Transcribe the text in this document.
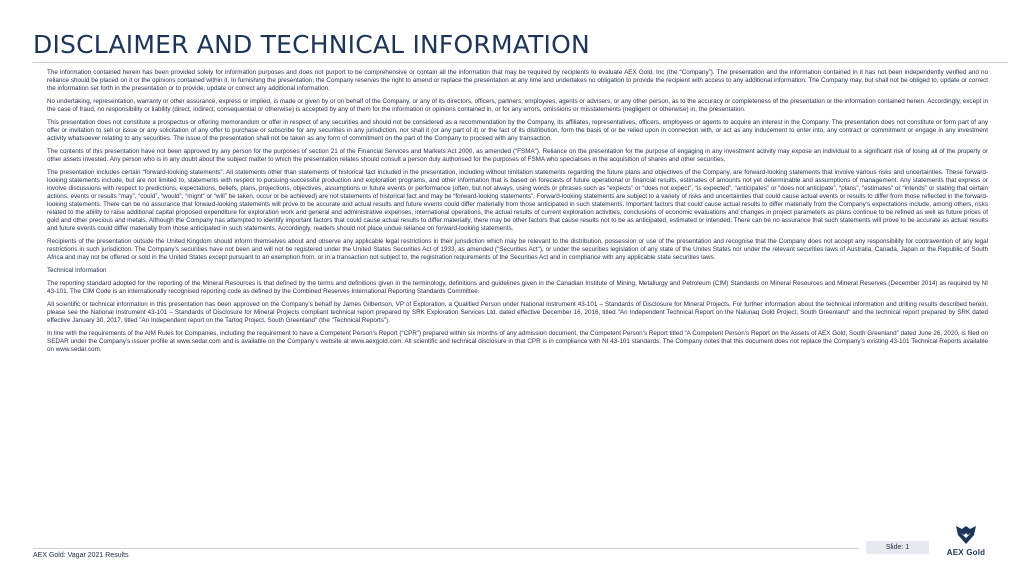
DISCLAIMER AND TECHNICAL INFORMATION

The information contained herein has been provided solely for information purposes and does not purport to be comprehensive or contain all the information that may be required by recipients to evaluate AEX Gold, Inc (the “Company”). The presentation and the information contained in it has not been independently verified and no reliance should be placed on it or the opinions contained within it. In furnishing the presentation, the Company reserves the right to amend or replace the presentation at any time and undertakes no obligation to provide the recipient with access to any additional information. The Company may, but shall not be obliged to, update or correct the information set forth in the presentation or to provide, update or correct any additional information.

No undertaking, representation, warranty or other assurance, express or implied, is made or given by or on behalf of the Company, or any of its directors, officers, partners, employees, agents or advisers, or any other person, as to the accuracy or completeness of the presentation or the information contained herein. Accordingly, except in the case of fraud, no responsibility or liability (direct, indirect, consequential or otherwise) is accepted by any of them for the information or opinions contained in, or for any errors, omissions or misstatements (negligent or otherwise) in, the presentation.

This presentation does not constitute a prospectus or offering memorandum or offer in respect of any securities and should not be considered as a recommendation by the Company, its affiliates, representatives, officers, employees or agents to acquire an interest in the Company. The presentation does not constitute or form part of any offer or invitation to sell or issue or any solicitation of any offer to purchase or subscribe for any securities in any jurisdiction, nor shall it (or any part of it) or the fact of its distribution, form the basis of or be relied upon in connection with, or act as any inducement to enter into, any contract or commitment or engage in any investment activity whatsoever relating to any securities. The issue of the presentation shall not be taken as any form of commitment on the part of the Company to proceed with any transaction.

The contents of this presentation have not been approved by any person for the purposes of section 21 of the Financial Services and Markets Act 2000, as amended (“FSMA”). Reliance on the presentation for the purpose of engaging in any investment activity may expose an individual to a significant risk of losing all of the property or other assets invested. Any person who is in any doubt about the subject matter to which the presentation relates should consult a person duly authorised for the purposes of FSMA who specialises in the acquisition of shares and other securities.

The presentation includes certain “forward-looking statements”. All statements other than statements of historical fact included in the presentation, including without limitation statements regarding the future plans and objectives of the Company, are forward-looking statements that involve various risks and uncertainties. These forward-looking statements include, but are not limited to, statements with respect to pursuing successful production and exploration programs, and other information that is based on forecasts of future operational or financial results, estimates of amounts not yet determinable and assumptions of management. Any statements that express or involve discussions with respect to predictions, expectations, beliefs, plans, projections, objectives, assumptions or future events or performance (often, but not always, using words or phrases such as “expects” or “does not expect”, “is expected”, “anticipates” or “does not anticipate”, “plans”, “estimates” or “intends” or stating that certain actions, events or results “may”, “could”, “would”, “might” or “will” be taken, occur or be achieved) are not statements of historical fact and may be “forward-looking statements”. Forward-looking statements are subject to a variety of risks and uncertainties that could cause actual events or results to differ from those reflected in the forward-looking statements. There can be no assurance that forward-looking statements will prove to be accurate and actual results and future events could differ materially from those anticipated in such statements. Important factors that could cause actual results to differ materially from the Company’s expectations include, among others, risks related to the ability to raise additional capital proposed expenditure for exploration work and general and administrative expenses, international operations, the actual results of current exploration activities, conclusions of economic evaluations and changes in project parameters as plans continue to be refined as well as future prices of gold and other precious and metals. Although the Company has attempted to identify important factors that could cause actual results to differ materially, there may be other factors that cause results not to be as anticipated, estimated or intended. There can be no assurance that such statements will prove to be accurate as actual results and future events could differ materially from those anticipated in such statements. Accordingly, readers should not place undue reliance on forward-looking statements.

Recipients of the presentation outside the United Kingdom should inform themselves about and observe any applicable legal restrictions in their jurisdiction which may be relevant to the distribution, possession or use of the presentation and recognise that the Company does not accept any responsibility for contravention of any legal restrictions in such jurisdiction. The Company’s securities have not been and will not be registered under the United States Securities Act of 1933, as amended ("Securities Act"), or under the securities legislation of any state of the Unites States nor under the relevant securities laws of Australia, Canada, Japan or the Republic of South Africa and may not be offered or sold in the United States except pursuant to an exemption from, or in a transaction not subject to, the registration requirements of the Securities Act and in compliance with any applicable state securities laws.

Technical Information

The reporting standard adopted for the reporting of the Mineral Resources is that defined by the terms and definitions given in the terminology, definitions and guidelines given in the Canadian Institute of Mining, Metallurgy and Petroleum (CIM) Standards on Mineral Resources and Mineral Reserves (December 2014) as required by NI 43-101. The CIM Code is an internationally recognised reporting code as defined by the Combined Reserves International Reporting Standards Committee.

All scientific or technical information in this presentation has been approved on the Company’s behalf by James Gilbertson, VP of Exploration, a Qualified Person under National Instrument 43-101 – Standards of Disclosure for Mineral Projects. For further information about the technical information and drilling results described herein, please see the National Instrument 43-101 – Standards of Disclosure for Mineral Projects compliant technical report prepared by SRK Exploration Services Ltd. dated effective December 16, 2016, titled "An Independent Technical Report on the Nalunaq Gold Project, South Greenland" and the technical report prepared by SRK dated effective January 30, 2017, titled "An Independent report on the Tartoq Project, South Greenland" (the "Technical Reports").

In line with the requirements of the AIM Rules for Companies, including the requirement to have a Competent Person’s Report (“CPR”) prepared within six months of any admission document, the Competent Person’s Report titled “A Competent Person’s Report on the Assets of AEX Gold, South Greenland” dated June 26, 2020, is filed on SEDAR under the Company’s issuer profile at www.sedar.com and is available on the Company’s website at www.aexgold.com. All scientific and technical disclosure in that CPR is in compliance with NI 43-101 standards. The Company notes that this document does not replace the Company’s existing 43-101 Technical Reports available on www.sedar.com.

AEX Gold: Vagar 2021 Results
Slide: 1
AEX Gold
